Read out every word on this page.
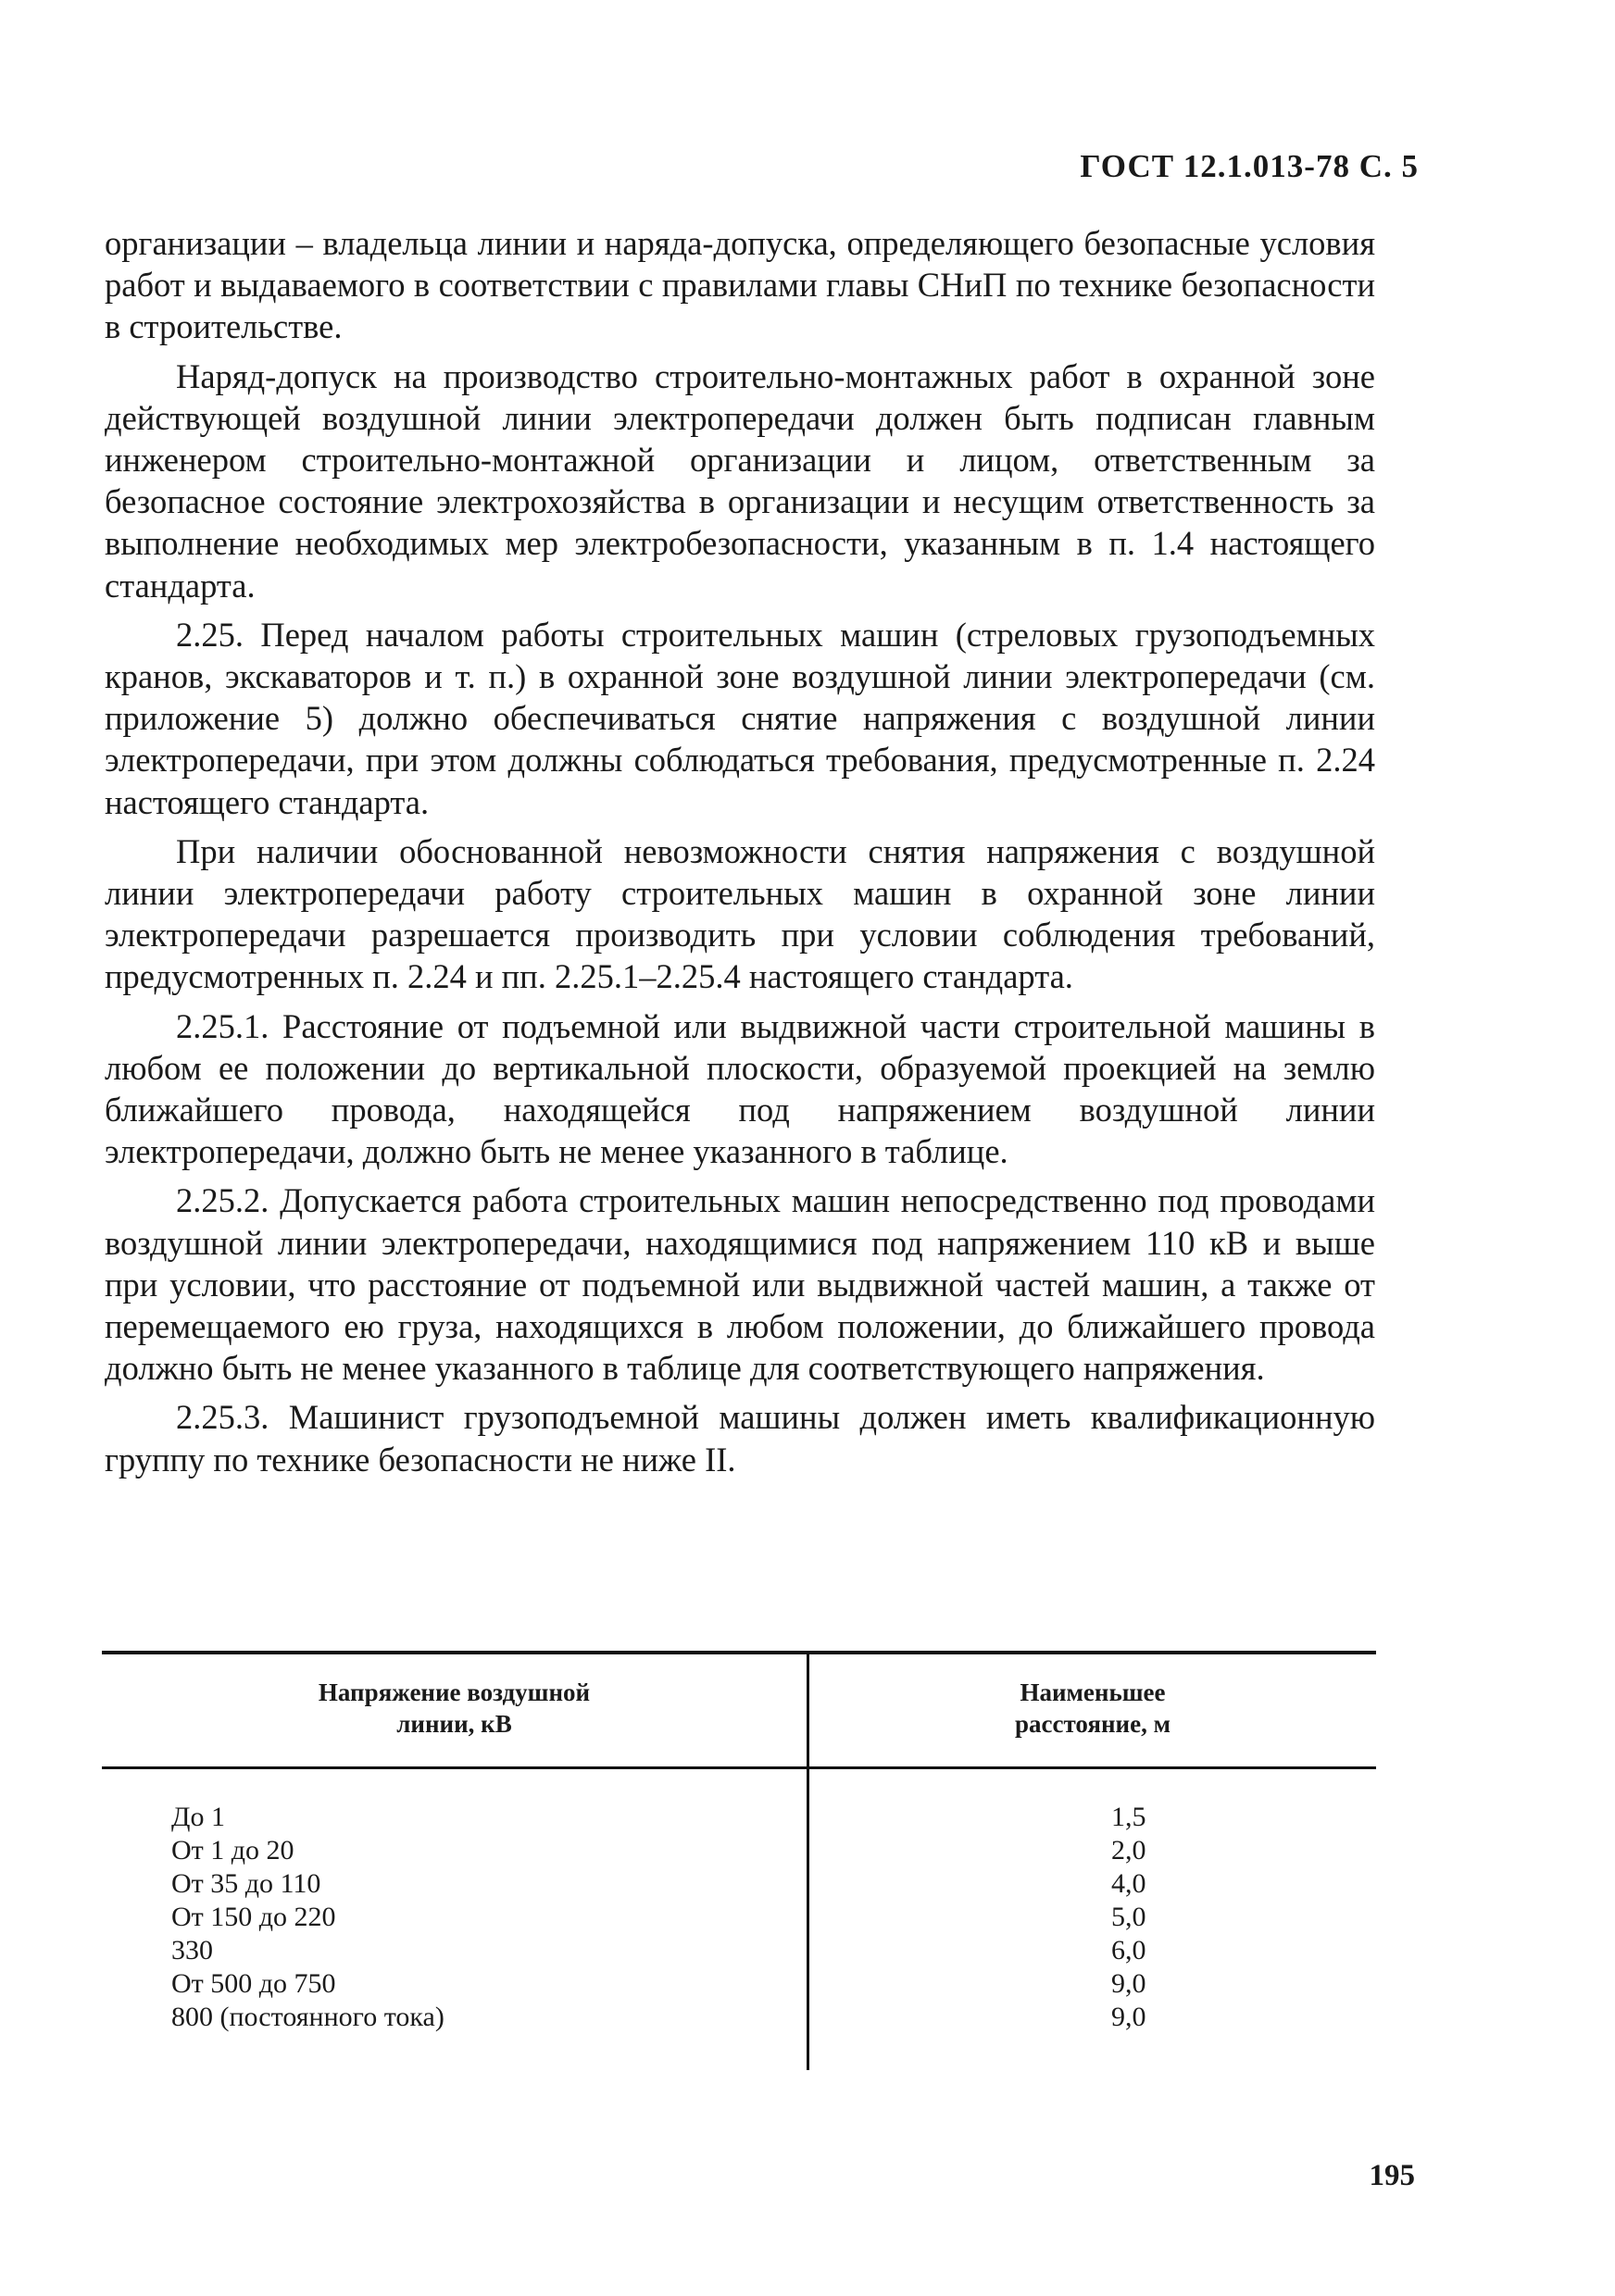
ГОСТ 12.1.013-78 С. 5

организации – владельца линии и наряда-допуска, определяющего безопасные условия работ и выдаваемого в соответствии с правилами главы СНиП по технике безопасности в строительстве.

Наряд-допуск на производство строительно-монтажных работ в охранной зоне действующей воздушной линии электропередачи должен быть подписан главным инженером строительно-монтажной организации и лицом, ответственным за безопасное состояние электрохозяйства в организации и несущим ответственность за выполнение необходимых мер электробезопасности, указанным в п. 1.4 настоящего стандарта.

2.25. Перед началом работы строительных машин (стреловых грузоподъемных кранов, экскаваторов и т. п.) в охранной зоне воздушной линии электропередачи (см. приложение 5) должно обеспечиваться снятие напряжения с воздушной линии электропередачи, при этом должны соблюдаться требования, предусмотренные п. 2.24 настоящего стандарта.

При наличии обоснованной невозможности снятия напряжения с воздушной линии электропередачи работу строительных машин в охранной зоне линии электропередачи разрешается производить при условии соблюдения требований, предусмотренных п. 2.24 и пп. 2.25.1–2.25.4 настоящего стандарта.

2.25.1. Расстояние от подъемной или выдвижной части строительной машины в любом ее положении до вертикальной плоскости, образуемой проекцией на землю ближайшего провода, находящейся под напряжением воздушной линии электропередачи, должно быть не менее указанного в таблице.

2.25.2. Допускается работа строительных машин непосредственно под проводами воздушной линии электропередачи, находящимися под напряжением 110 кВ и выше при условии, что расстояние от подъемной или выдвижной частей машин, а также от перемещаемого ею груза, находящихся в любом положении, до ближайшего провода должно быть не менее указанного в таблице для соответствующего напряжения.

2.25.3. Машинист грузоподъемной машины должен иметь квалификационную группу по технике безопасности не ниже II.

Напряжение воздушной
линии, кВ
Наименьшее
расстояние, м
До 1
От 1 до 20
От 35 до 110
От 150 до 220
330
От 500 до 750
800 (постоянного тока)
1,5
2,0
4,0
5,0
6,0
9,0
9,0
195
